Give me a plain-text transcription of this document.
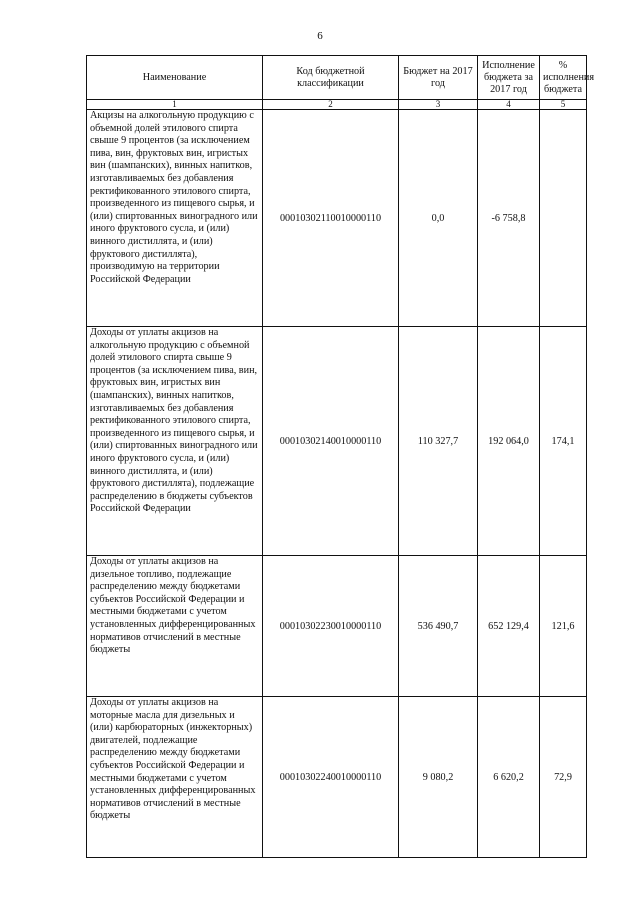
6
Наименование	Код бюджетной классификации	Бюджет на 2017 год	Исполнение бюджета за 2017 год	% исполнения бюджета
1	2	3	4	5
Акцизы на алкогольную продукцию с объемной долей этилового спирта свыше 9 процентов (за исключением пива, вин, фруктовых вин, игристых вин (шампанских), винных напитков, изготавливаемых без добавления ректификованного этилового спирта, произведенного из пищевого сырья, и (или) спиртованных виноградного или иного фруктового сусла, и (или) винного дистиллята, и (или) фруктового дистиллята), производимую на территории Российской Федерации	00010302110010000110	0,0	-6 758,8	
Доходы от уплаты акцизов на алкогольную продукцию с объемной долей этилового спирта свыше 9 процентов (за исключением пива, вин, фруктовых вин, игристых вин (шампанских), винных напитков, изготавливаемых без добавления ректификованного этилового спирта, произведенного из пищевого сырья, и (или) спиртованных виноградного или иного фруктового сусла, и (или) винного дистиллята, и (или) фруктового дистиллята), подлежащие распределению в бюджеты субъектов Российской Федерации	00010302140010000110	110 327,7	192 064,0	174,1
Доходы от уплаты акцизов на дизельное топливо, подлежащие распределению между бюджетами субъектов Российской Федерации и местными бюджетами с учетом установленных дифференцированных нормативов отчислений в местные бюджеты	00010302230010000110	536 490,7	652 129,4	121,6
Доходы от уплаты акцизов на моторные масла для дизельных и (или) карбюраторных (инжекторных) двигателей, подлежащие распределению между бюджетами субъектов Российской Федерации и местными бюджетами с учетом установленных дифференцированных нормативов отчислений в местные бюджеты	00010302240010000110	9 080,2	6 620,2	72,9
